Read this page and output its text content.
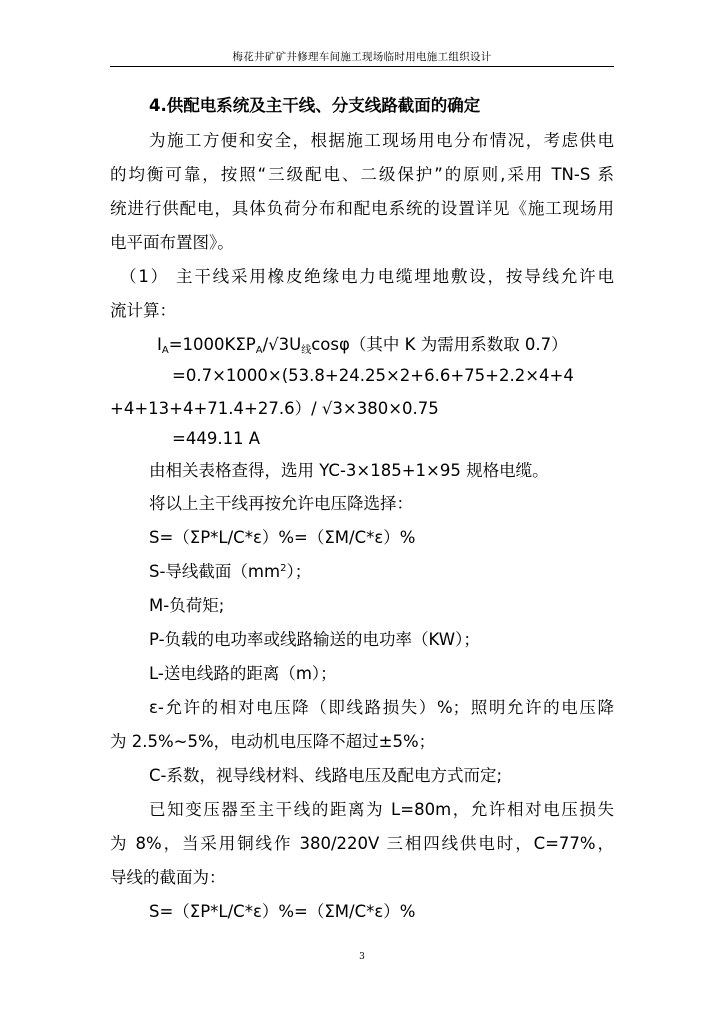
梅花井矿矿井修理车间施工现场临时用电施工组织设计
4.供配电系统及主干线、分支线路截面的确定
为施工方便和安全，根据施工现场用电分布情况，考虑供电
的均衡可靠，按照“三级配电、二级保护”的原则,采用 TN-S 系
统进行供配电，具体负荷分布和配电系统的设置详见《施工现场用
电平面布置图》。
（1） 主干线采用橡皮绝缘电力电缆埋地敷设，按导线允许电
流计算：
$I_A=1000K\Sigma P_A/√3U_线\cos\varphi$（其中 K 为需用系数取 0.7）
=0.7×1000×(53.8+24.25×2+6.6+75+2.2×4+4
+4+13+4+71.4+27.6）/ √3×380×0.75
=449.11 A
由相关表格查得，选用 YC-3×185+1×95 规格电缆。
将以上主干线再按允许电压降选择：
S=（ΣP*L/C*ε）%=（ΣM/C*ε）%
S-导线截面$(mm^2)$；
M-负荷矩;
P-负载的电功率或线路输送的电功率（KW）；
L-送电线路的距离（m）；
ε-允许的相对电压降（即线路损失）%；照明允许的电压降
为 2.5%~5%，电动机电压降不超过±5%；
C-系数，视导线材料、线路电压及配电方式而定;
已知变压器至主干线的距离为 L=80m，允许相对电压损失
为 8%，当采用铜线作 380/220V 三相四线供电时，C=77%，
导线的截面为：
S=（ΣP*L/C*ε）%=（ΣM/C*ε）%
3
